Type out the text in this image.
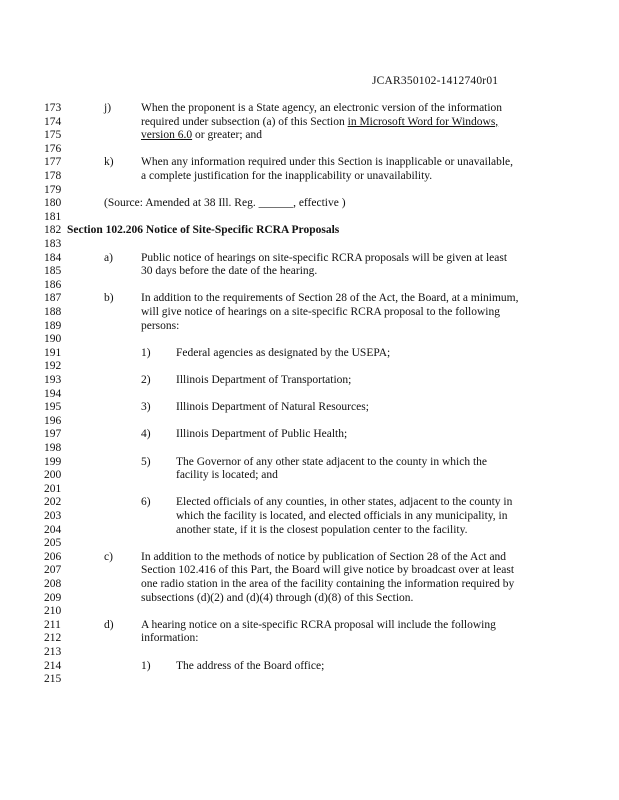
JCAR350102-1412740r01
173	j)	When the proponent is a State agency, an electronic version of the information
174	required under subsection (a) of this Section in Microsoft Word for Windows,
175	version 6.0 or greater; and
176
177	k) When any information required under this Section is inapplicable or unavailable,
178	a complete justification for the inapplicability or unavailability.
179
180	(Source: Amended at 38 Ill. Reg. ______, effective )
181
182 Section 102.206 Notice of Site-Specific RCRA Proposals
183
184	a) Public notice of hearings on site-specific RCRA proposals will be given at least
185	30 days before the date of the hearing.
186
187	b) In addition to the requirements of Section 28 of the Act, the Board, at a minimum,
188	will give notice of hearings on a site-specific RCRA proposal to the following
189	persons:
190
191	1) Federal agencies as designated by the USEPA;
192
193	2) Illinois Department of Transportation;
194
195	3) Illinois Department of Natural Resources;
196
197	4) Illinois Department of Public Health;
198
199	5) The Governor of any other state adjacent to the county in which the
200	facility is located; and
201
202	6) Elected officials of any counties, in other states, adjacent to the county in
203	which the facility is located, and elected officials in any municipality, in
204	another state, if it is the closest population center to the facility.
205
206	c) In addition to the methods of notice by publication of Section 28 of the Act and
207	Section 102.416 of this Part, the Board will give notice by broadcast over at least
208	one radio station in the area of the facility containing the information required by
209	subsections (d)(2) and (d)(4) through (d)(8) of this Section.
210
211	d) A hearing notice on a site-specific RCRA proposal will include the following
212	information:
213
214	1) The address of the Board office;
215
